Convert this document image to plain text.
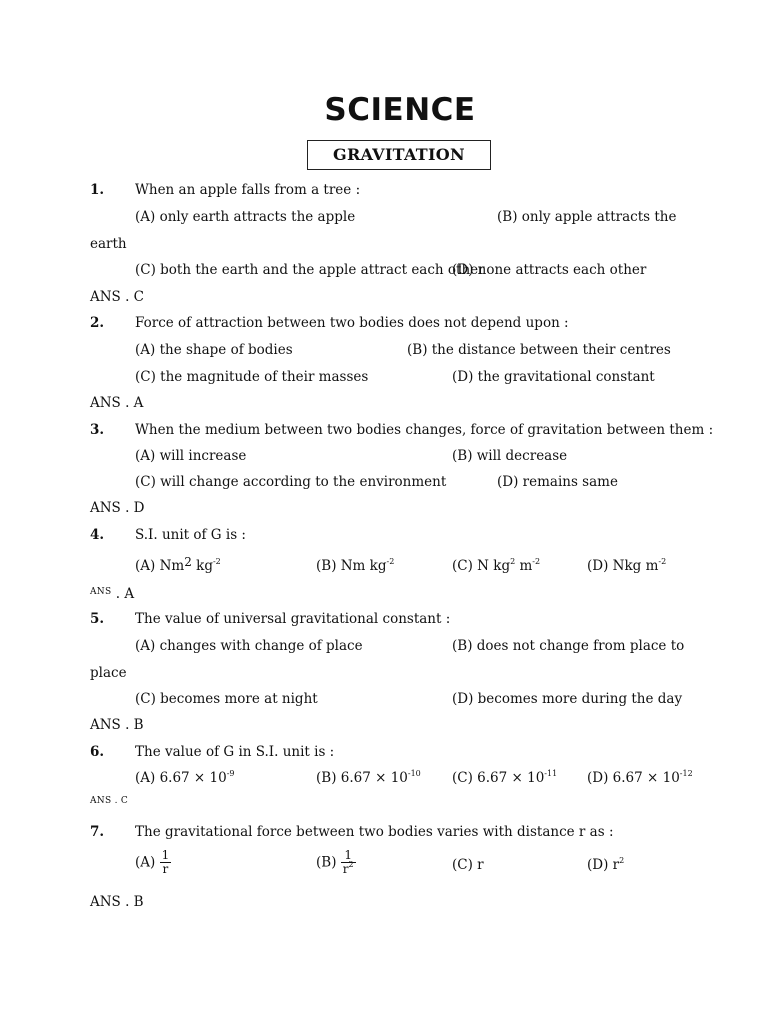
SCIENCE
GRAVITATION
1. When an apple falls from a tree :
(A) only earth attracts the apple	(B) only apple attracts the
earth
(C) both the earth and the apple attract each other
(D) none attracts each other
ANS . C
2. Force of attraction between two bodies does not depend upon :
(A) the shape of bodies	(B) the distance between their centres
(C) the magnitude of their masses	(D) the gravitational constant
ANS . A
3. When the medium between two bodies changes, force of gravitation between them :
(A) will increase	(B) will decrease
(C) will change according to the environment	(D) remains same
ANS . D
4. S.I. unit of G is :
(A) Nm$^2$ $kg^{-2}$	(B) Nm $kg^{-2}$	(C) N $kg^2$ $m^{-2}$	(D) Nkg $m^{-2}$
$^{ANS}$ . A
5. The value of universal gravitational constant :
(A) changes with change of place	(B) does not change from place to
place
(C) becomes more at night	(D) becomes more during the day
ANS . B
6. The value of G in S.I. unit is :
(A) $6.67 \times 10^{-9}$	(B) $6.67 \times 10^{-10}$ (C) $6.67 \times 10^{-11}$ (D) $6.67 \times 10^{-12}$
ANS . C
7. The gravitational force between two bodies varies with distance r as :
$(A) \frac{1}{r}$	$(B) \frac{1}{r^2}$	(C) r	(D) $r^2$
ANS . B
